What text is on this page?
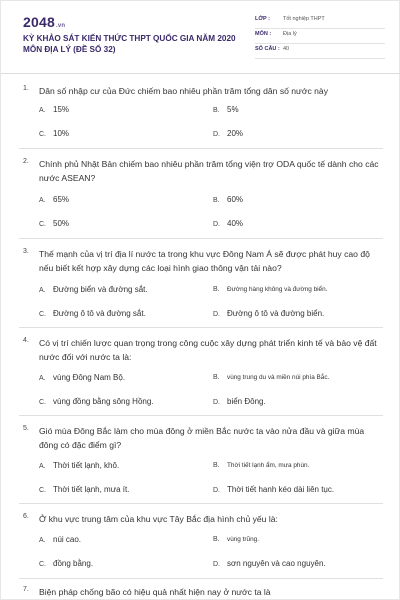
2048.vn
KỲ KHẢO SÁT KIẾN THỨC THPT QUỐC GIA NĂM 2020
MÔN ĐỊA LÝ (ĐỀ SỐ 32)
LỚP : Tốt nghiệp THPT
MÔN : Địa lý
SỐ CÂU : 40
1. Dân số nhập cư của Đức chiếm bao nhiêu phần trăm tổng dân số nước này
A. 15%	B. 5%
C. 10%	D. 20%
2. Chính phủ Nhật Bản chiếm bao nhiêu phần trăm tổng viện trợ ODA quốc tế dành cho các nước ASEAN?
A. 65%	B. 60%
C. 50%	D. 40%
3. Thế mạnh của vị trí địa lí nước ta trong khu vực Đông Nam Á sẽ được phát huy cao độ nếu biết kết hợp xây dựng các loại hình giao thông vận tải nào?
A. Đường biển và đường sắt.	B. Đường hàng không và đường biển.
C. Đường ô tô và đường sắt.	D. Đường ô tô và đường biển.
4. Có vị trí chiến lược quan trọng trong công cuộc xây dựng phát triển kinh tế và bảo vệ đất nước đối với nước ta là:
A. vùng Đông Nam Bộ.	B. vùng trung du và miền núi phía Bắc.
C. vùng đồng bằng sông Hồng.	D. biển Đông.
5. Gió mùa Đông Bắc làm cho mùa đông ở miền Bắc nước ta vào nửa đầu và giữa mùa đông có đặc điểm gì?
A. Thời tiết lạnh, khô.	B. Thời tiết lạnh ẩm, mưa phùn.
C. Thời tiết lạnh, mưa ít.	D. Thời tiết hanh kéo dài liên tục.
6. Ở khu vực trung tâm của khu vực Tây Bắc địa hình chủ yếu là:
A. núi cao.	B. vùng trũng.
C. đồng bằng.	D. sơn nguyên và cao nguyên.
7. Biện pháp chống bão có hiệu quả nhất hiện nay ở nước ta là
